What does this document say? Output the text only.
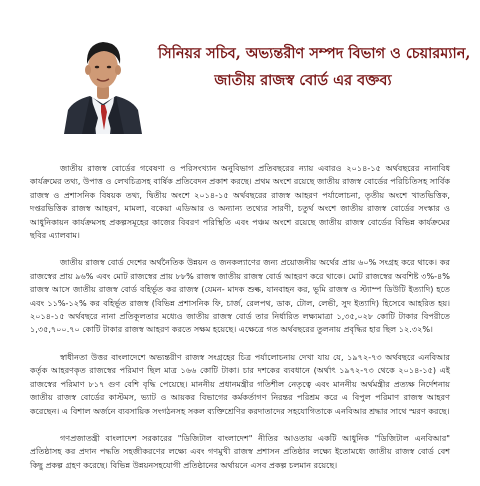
সিনিয়র সচিব, অভ্যন্তরীণ সম্পদ বিভাগ ও চেয়ারম্যান,
জাতীয় রাজস্ব বোর্ড এর বক্তব্য

জাতীয় রাজস্ব বোর্ডের গবেষণা ও পরিসংখ্যান অনুবিভাগ প্রতিবছরের ন্যায় এবারও ২০১৪-১৫ অর্থবছরের নানাবিধ কার্যক্রমের তথ্য, উপাত্ত ও লেখচিত্রসহ বার্ষিক প্রতিবেদন প্রকাশ করছে। প্রথম অংশে রয়েছে জাতীয় রাজস্ব বোর্ডের পরিচিতিসহ সার্বিক রাজস্ব ও প্রশাসনিক বিষয়ক তথ্য, দ্বিতীয় অংশে ২০১৪-১৫ অর্থবছরের রাজস্ব আহরণ পর্যালোচনা, তৃতীয় অংশে খাতভিত্তিক, দপ্তরভিত্তিক রাজস্ব আহরণ, মামলা, বকেয়া এডিআর ও অন্যান্য তথ্যের সারণী, চতুর্থ অংশে জাতীয় রাজস্ব বোর্ডের সংস্কার ও আধুনিকায়ন কার্যক্রমসহ প্রকল্পসমূহের কাজের বিবরণ পরিস্থিতি এবং পঞ্চম অংশে রয়েছে জাতীয় রাজস্ব বোর্ডের বিভিন্ন কার্যক্রমের ছবির এ্যালবাম।

জাতীয় রাজস্ব বোর্ড দেশের অর্থনৈতিক উন্নয়ন ও জনকল্যাণের জন্য প্রয়োজনীয় অর্থের প্রায় ৬০% সংগ্রহ করে থাকে। কর রাজস্বের প্রায় ৯৬% এবং মোট রাজস্বের প্রায় ৮৮% রাজস্ব জাতীয় রাজস্ব বোর্ড আহরণ করে থাকে। মোট রাজস্বের অবশিষ্ট ৩%-৪% রাজস্ব আসে জাতীয় রাজস্ব বোর্ড বহির্ভূত কর রাজস্ব (যেমন- মাদক শুল্ক, যানবাহন কর, ভূমি রাজস্ব ও স্ট্যাম্প ডিউটি ইত্যাদি) হতে এবং ১১%-১২% কর বহির্ভূত রাজস্ব (বিভিন্ন প্রশাসনিক ফি, চার্জ, রেলপথ, ডাক, টোল, লেভী, সুদ ইত্যাদি) হিসেবে আহরিত হয়। ২০১৪-১৫ অর্থবছরে নানা প্রতিকূলতার মধ্যেও জাতীয় রাজস্ব বোর্ড তার নির্ধারিত লক্ষ্যমাত্রা ১,৩৫,০২৮ কোটি টাকার বিপরীতে ১,৩৫,৭০০.৭০ কোটি টাকার রাজস্ব আহরণ করতে সক্ষম হয়েছে। এক্ষেত্রে গত অর্থবছরের তুলনায় প্রবৃদ্ধির হার ছিল ১২.৩২%।

স্বাধীনতা উত্তর বাংলাদেশে অভ্যন্তরীণ রাজস্ব সংগ্রহের চিত্র পর্যালোচনায় দেখা যায় যে, ১৯৭২-৭৩ অর্থবছরে এনবিআর কর্তৃক আহরণকৃত রাজস্বের পরিমাণ ছিল মাত্র ১৬৬ কোটি টাকা। চার দশকের ব্যবধানে (অর্থাৎ ১৯৭২-৭৩ থেকে ২০১৪-১৫) এই রাজস্বের পরিমাণ ৮১৭ গুণ বেশি বৃদ্ধি পেয়েছে। মাননীয় প্রধানমন্ত্রীর গতিশীল নেতৃত্বে এবং মাননীয় অর্থমন্ত্রীর প্রত্যক্ষ নির্দেশনায় জাতীয় রাজস্ব বোর্ডের কাস্টমস, ভ্যাট ও আয়কর বিভাগের কর্মকর্তাগণ নিরন্তর পরিশ্রম করে এ বিপুল পরিমাণ রাজস্ব আহরণ করেছেন। এ বিশাল অর্জনে ব্যবসায়িক সংগঠনসহ সকল ব্যক্তিশ্রেণির করদাতাদের সহযোগিতাকে এনবিআর শ্রদ্ধার সাথে স্মরণ করছে।

গণপ্রজাতন্ত্রী বাংলাদেশ সরকারের "ডিজিটাল বাংলাদেশ" নীতির আওতায় একটি আধুনিক "ডিজিটাল এনবিআর" প্রতিষ্ঠাসহ কর প্রদান পদ্ধতি সহজীকরণের লক্ষ্যে এবং গণমুখী রাজস্ব প্রশাসন প্রতিষ্ঠার লক্ষ্যে ইতোমধ্যে জাতীয় রাজস্ব বোর্ড বেশ কিছু প্রকল্প গ্রহণ করেছে। বিভিন্ন উন্নয়নসহযোগী প্রতিষ্ঠানের অর্থায়নে এসব প্রকল্প চলমান রয়েছে।
